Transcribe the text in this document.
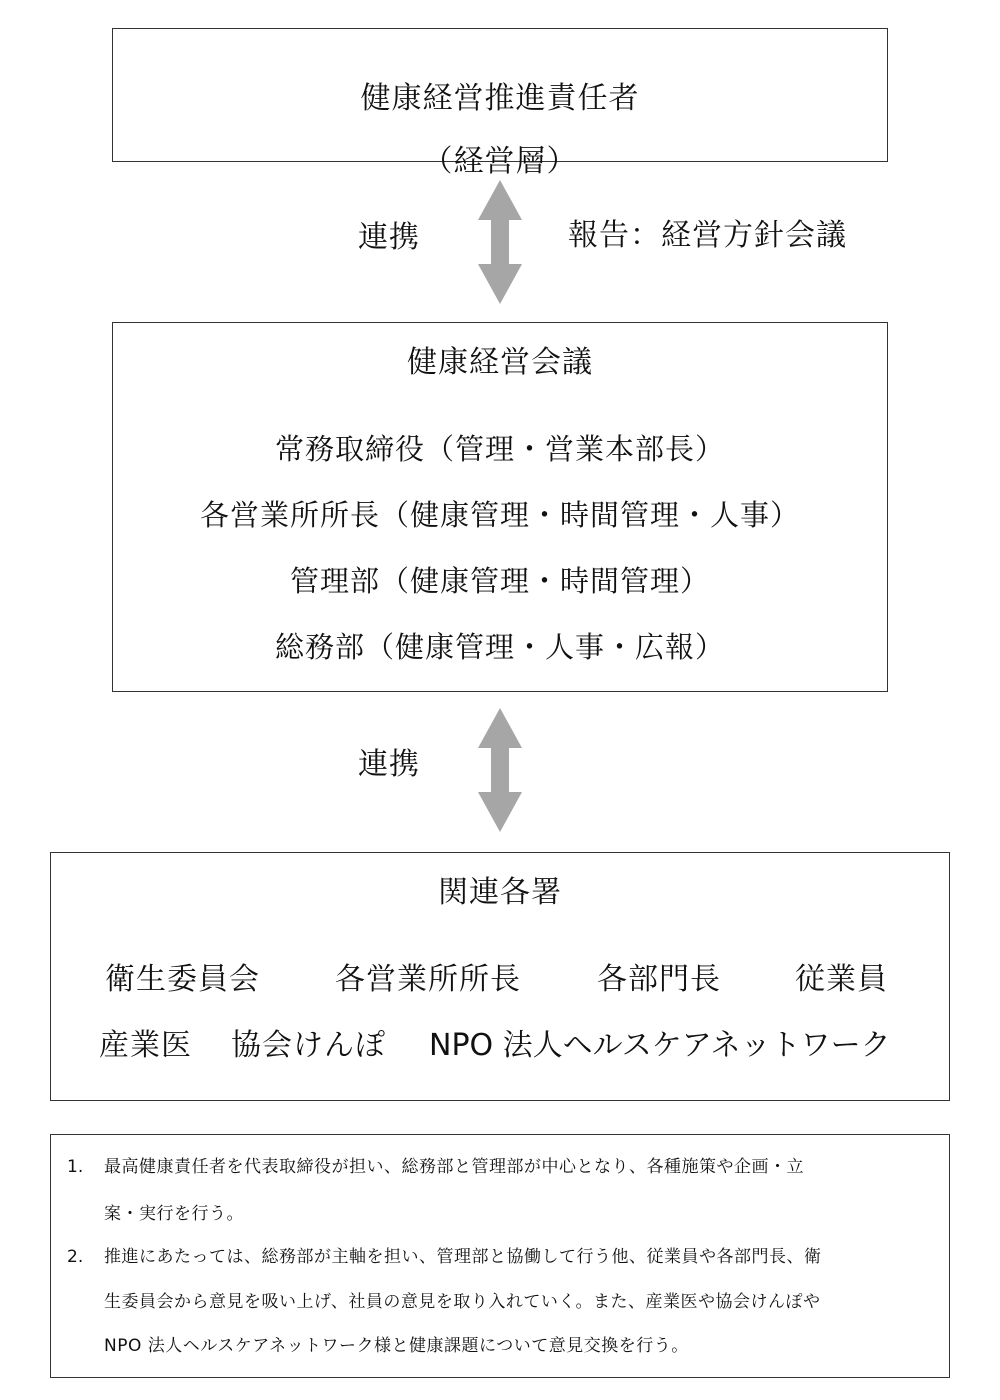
健康経営推進責任者
（経営層）
連携	報告：経営方針会議
健康経営会議
常務取締役（管理・営業本部長）
各営業所所長（健康管理・時間管理・人事）
管理部（健康管理・時間管理）
総務部（健康管理・人事・広報）
連携
関連各署
衛生委員会	各営業所所長	各部門長 従業員
産業医 協会けんぽ NPO 法人ヘルスケアネットワーク
1. 最高健康責任者を代表取締役が担い、総務部と管理部が中心となり、各種施策や企画・立
案・実行を行う。
2. 推進にあたっては、総務部が主軸を担い、管理部と協働して行う他、従業員や各部門長、衛
生委員会から意見を吸い上げ、社員の意見を取り入れていく。また、産業医や協会けんぽや
NPO 法人ヘルスケアネットワーク様と健康課題について意見交換を行う。
